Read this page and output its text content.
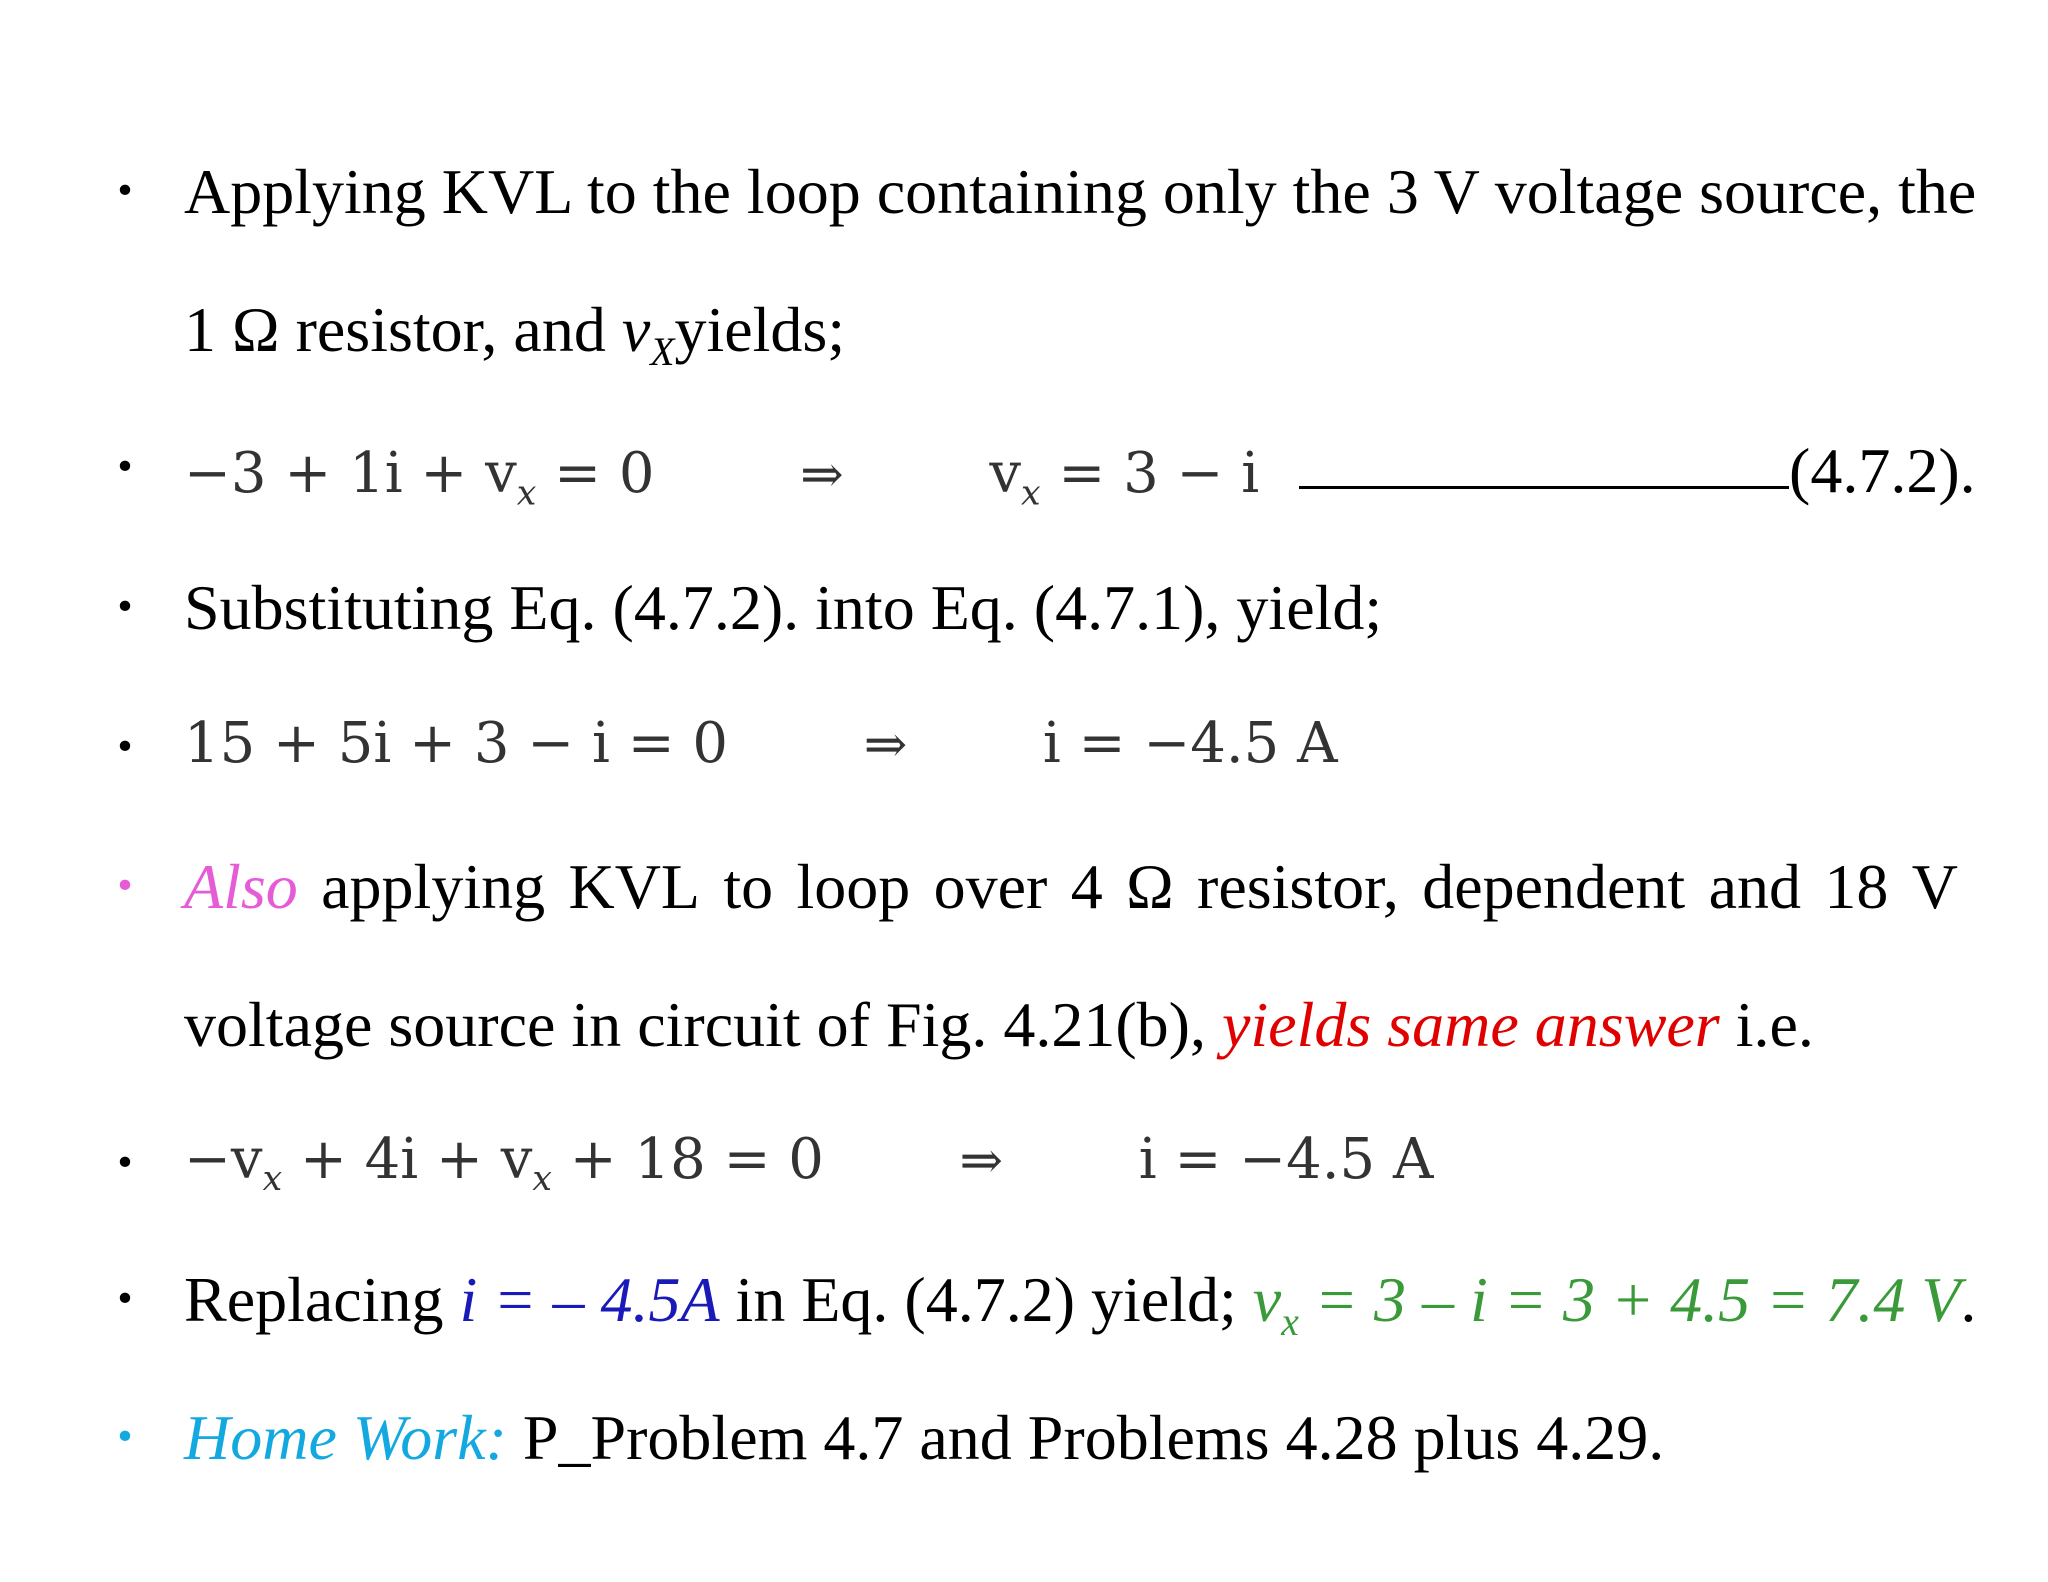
• Applying KVL to the loop containing only the 3 V voltage source, the
1 Ω resistor, and $v_Xyields$;
• $-3 + 1i + v_x = 0$	⇒	$v_x = 3 - i$	(4.7.2).
• Substituting Eq. (4.7.2). into Eq. (4.7.1), yield;
• 15 + 5i + 3 − i = 0	⇒ i = −4.5 A
• Also applying KVL to loop over 4 Ω resistor, dependent and 18 V
voltage source in circuit of Fig. 4.21(b), yields same answer i.e.
• $-v_x + 4i + v_x + 18 = 0$	⇒ i = −4.5 A
• Replacing i = – 4.5A in Eq. (4.7.2) yield; $v_x = 3 - i = 3 + 4.5 = 7.4$ V.
• Home Work: P_Problem 4.7 and Problems 4.28 plus 4.29.
